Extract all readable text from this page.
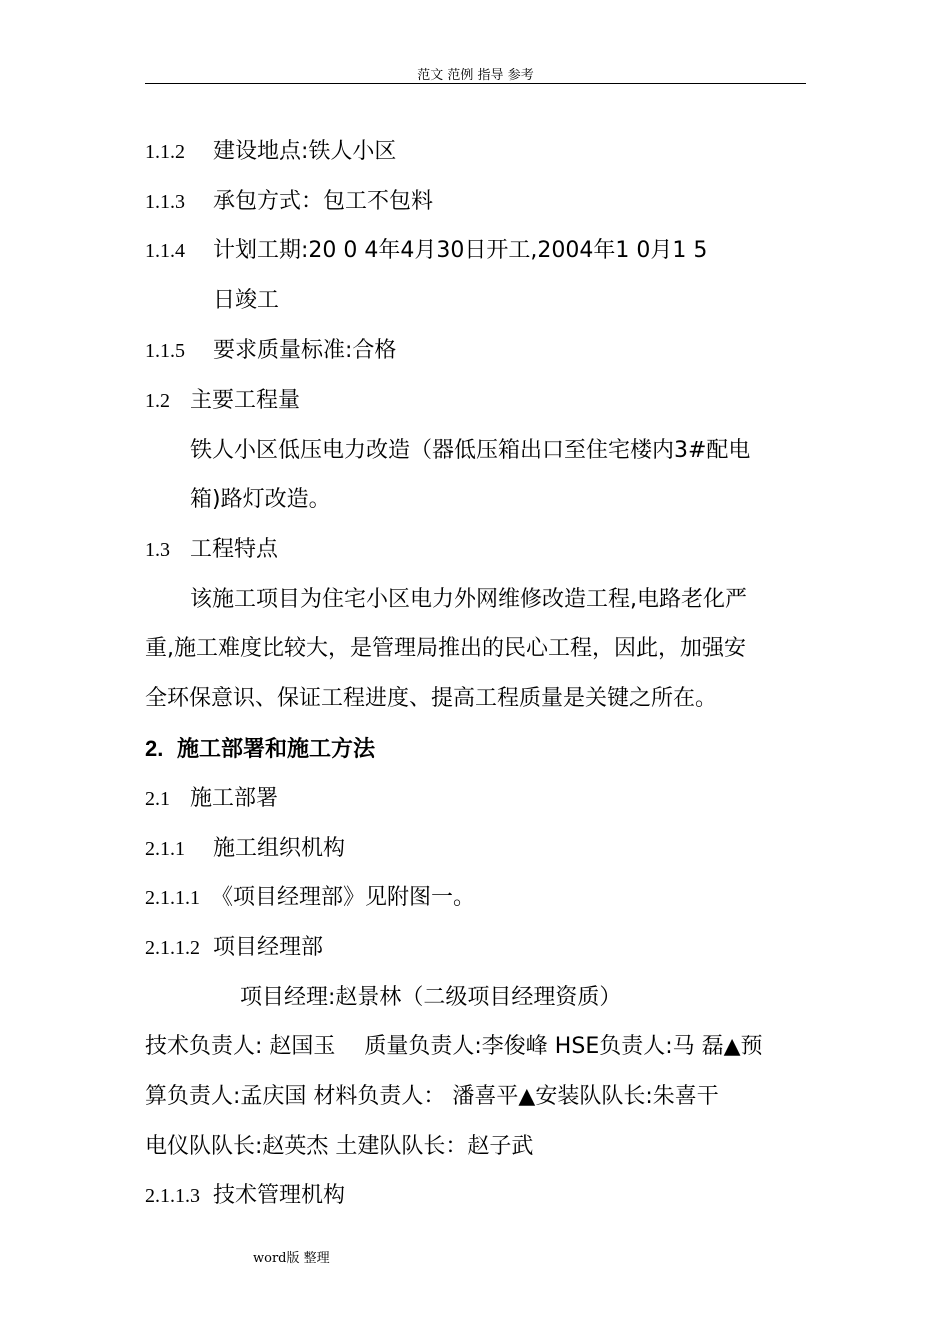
范文 范例 指导 参考
1.1.2 建设地点:铁人小区
1.1.3 承包方式：包工不包料
1.1.4 计划工期:20 0 4年4月30日开工,2004年1 0月1 5
日竣工
1.1.5 要求质量标准:合格
1.2 主要工程量
铁人小区低压电力改造（器低压箱出口至住宅楼内3#配电
箱)路灯改造。
1.3 工程特点
该施工项目为住宅小区电力外网维修改造工程,电路老化严
重,施工难度比较大，是管理局推出的民心工程，因此，加强安
全环保意识、保证工程进度、提高工程质量是关键之所在。
2. 施工部署和施工方法
2.1 施工部署
2.1.1 施工组织机构
2.1.1.1 《项目经理部》见附图一。
2.1.1.2 项目经理部
项目经理:赵景林（二级项目经理资质）
技术负责人: 赵国玉　 质量负责人:李俊峰 HSE负责人:马 磊▲预
算负责人:孟庆国 材料负责人： 潘喜平▲安装队队长:朱喜干
电仪队队长:赵英杰 土建队队长：赵子武
2.1.1.3 技术管理机构
word版 整理
